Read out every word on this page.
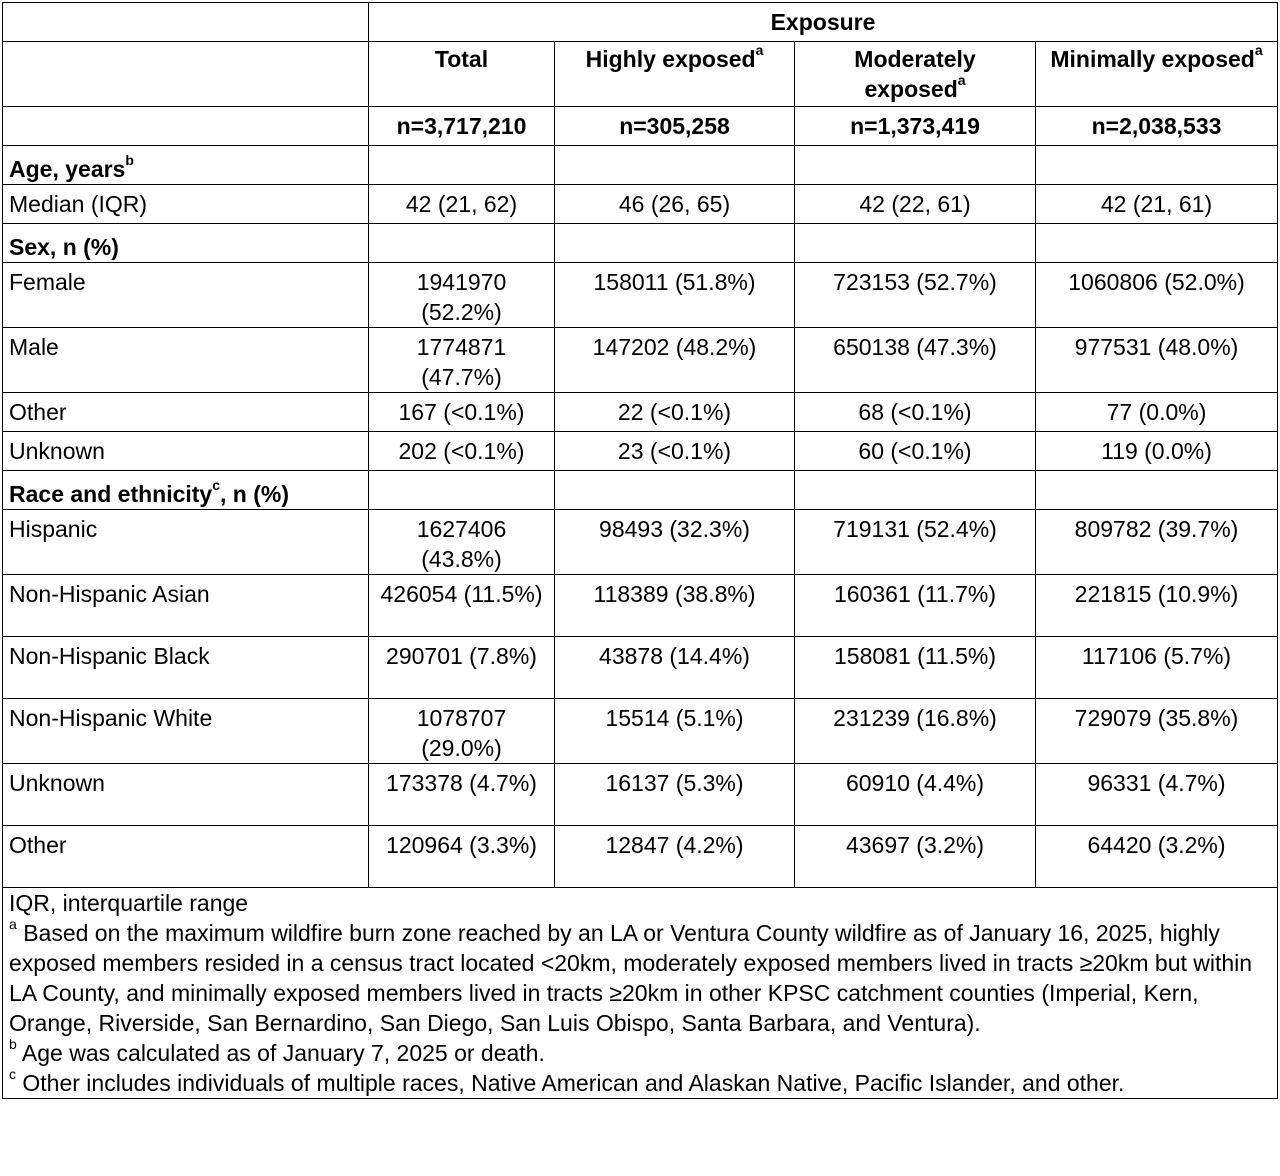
	Exposure			
	Total	Highly exposed$^a$	Moderately exposed$^a$	Minimally exposed$^a$
	n=3,717,210	n=305,258	n=1,373,419	n=2,038,533
Age, years$^b$				
Median (IQR)	42 (21, 62)	46 (26, 65)	42 (22, 61)	42 (21, 61)
Sex, n (%)				
Female	1941970 (52.2%)	158011 (51.8%)	723153 (52.7%)	1060806 (52.0%)
Male	1774871 (47.7%)	147202 (48.2%)	650138 (47.3%)	977531 (48.0%)
Other	167 (<0.1%)	22 (<0.1%)	68 (<0.1%)	77 (0.0%)
Unknown	202 (<0.1%)	23 (<0.1%)	60 (<0.1%)	119 (0.0%)
Race and ethnicity$^c$, n (%)				
Hispanic	1627406 (43.8%)	98493 (32.3%)	719131 (52.4%)	809782 (39.7%)
Non-Hispanic Asian	426054 (11.5%)	118389 (38.8%)	160361 (11.7%)	221815 (10.9%)
Non-Hispanic Black	290701 (7.8%)	43878 (14.4%)	158081 (11.5%)	117106 (5.7%)
Non-Hispanic White	1078707 (29.0%)	15514 (5.1%)	231239 (16.8%)	729079 (35.8%)
Unknown	173378 (4.7%)	16137 (5.3%)	60910 (4.4%)	96331 (4.7%)
Other	120964 (3.3%)	12847 (4.2%)	43697 (3.2%)	64420 (3.2%)

IQR, interquartile range

$^a$ Based on the maximum wildfire burn zone reached by an LA or Ventura County wildfire as of January 16, 2025, highly exposed members resided in a census tract located <20km, moderately exposed members lived in tracts ≥20km but within LA County, and minimally exposed members lived in tracts ≥20km in other KPSC catchment counties (Imperial, Kern, Orange, Riverside, San Bernardino, San Diego, San Luis Obispo, Santa Barbara, and Ventura).

$^b$ Age was calculated as of January 7, 2025 or death.

$^c$ Other includes individuals of multiple races, Native American and Alaskan Native, Pacific Islander, and other.				
